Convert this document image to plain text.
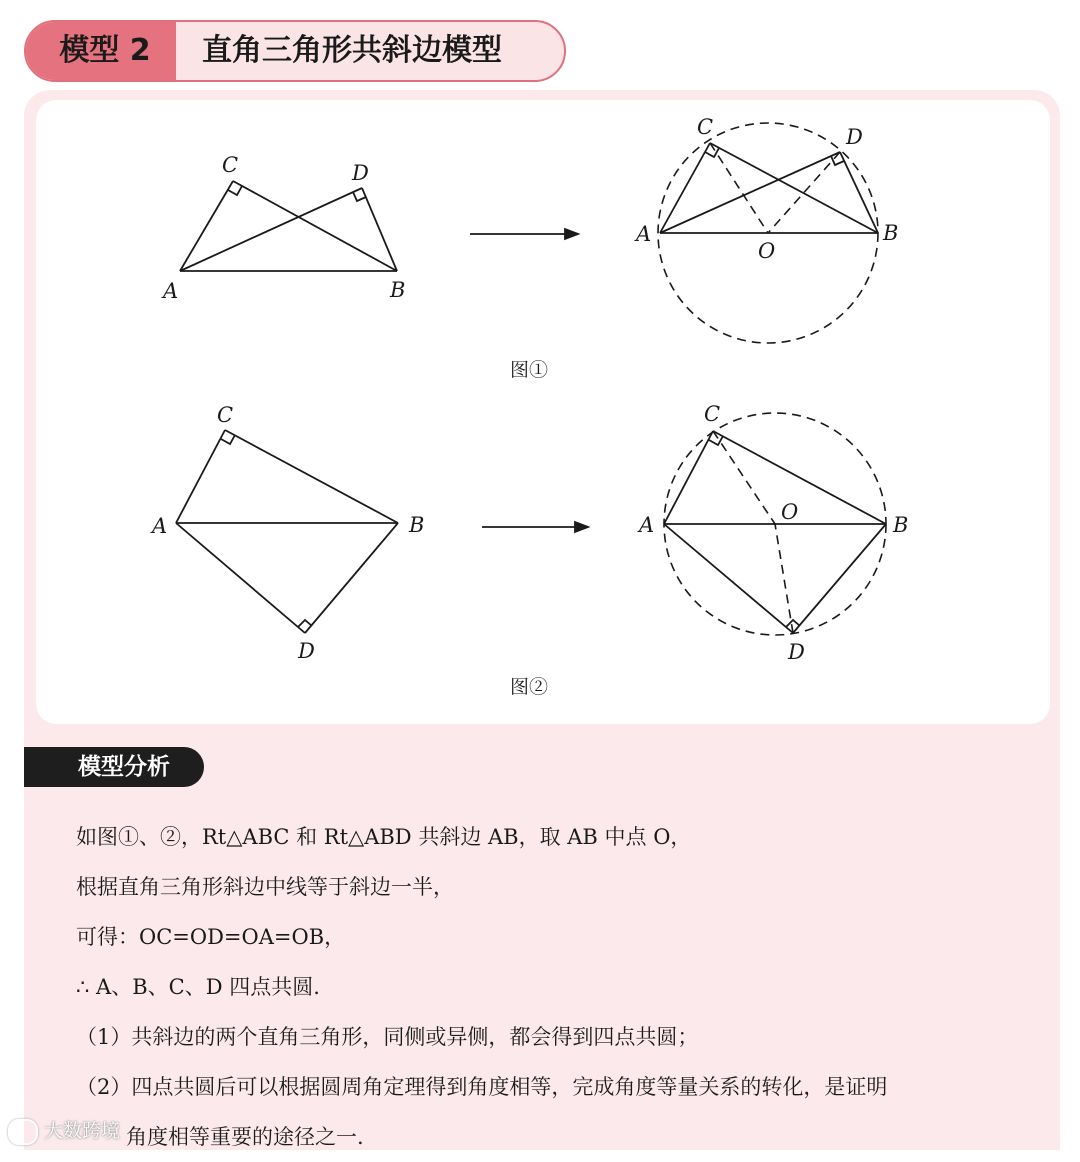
模型 2	直角三角形共斜边模型
C	D
A	B
C	D
A	B
O
图①
C
A	B
D
C
A	B
O
D
图②
模型分析

如图①、②，Rt△ABC 和 Rt△ABD 共斜边 AB，取 AB 中点 O，

根据直角三角形斜边中线等于斜边一半，

可得：OC=OD=OA=OB，

∴ A、B、C、D 四点共圆.

（1）共斜边的两个直角三角形，同侧或异侧，都会得到四点共圆；

（2）四点共圆后可以根据圆周角定理得到角度相等，完成角度等量关系的转化，是证明

角度相等重要的途径之一.

大数跨境
